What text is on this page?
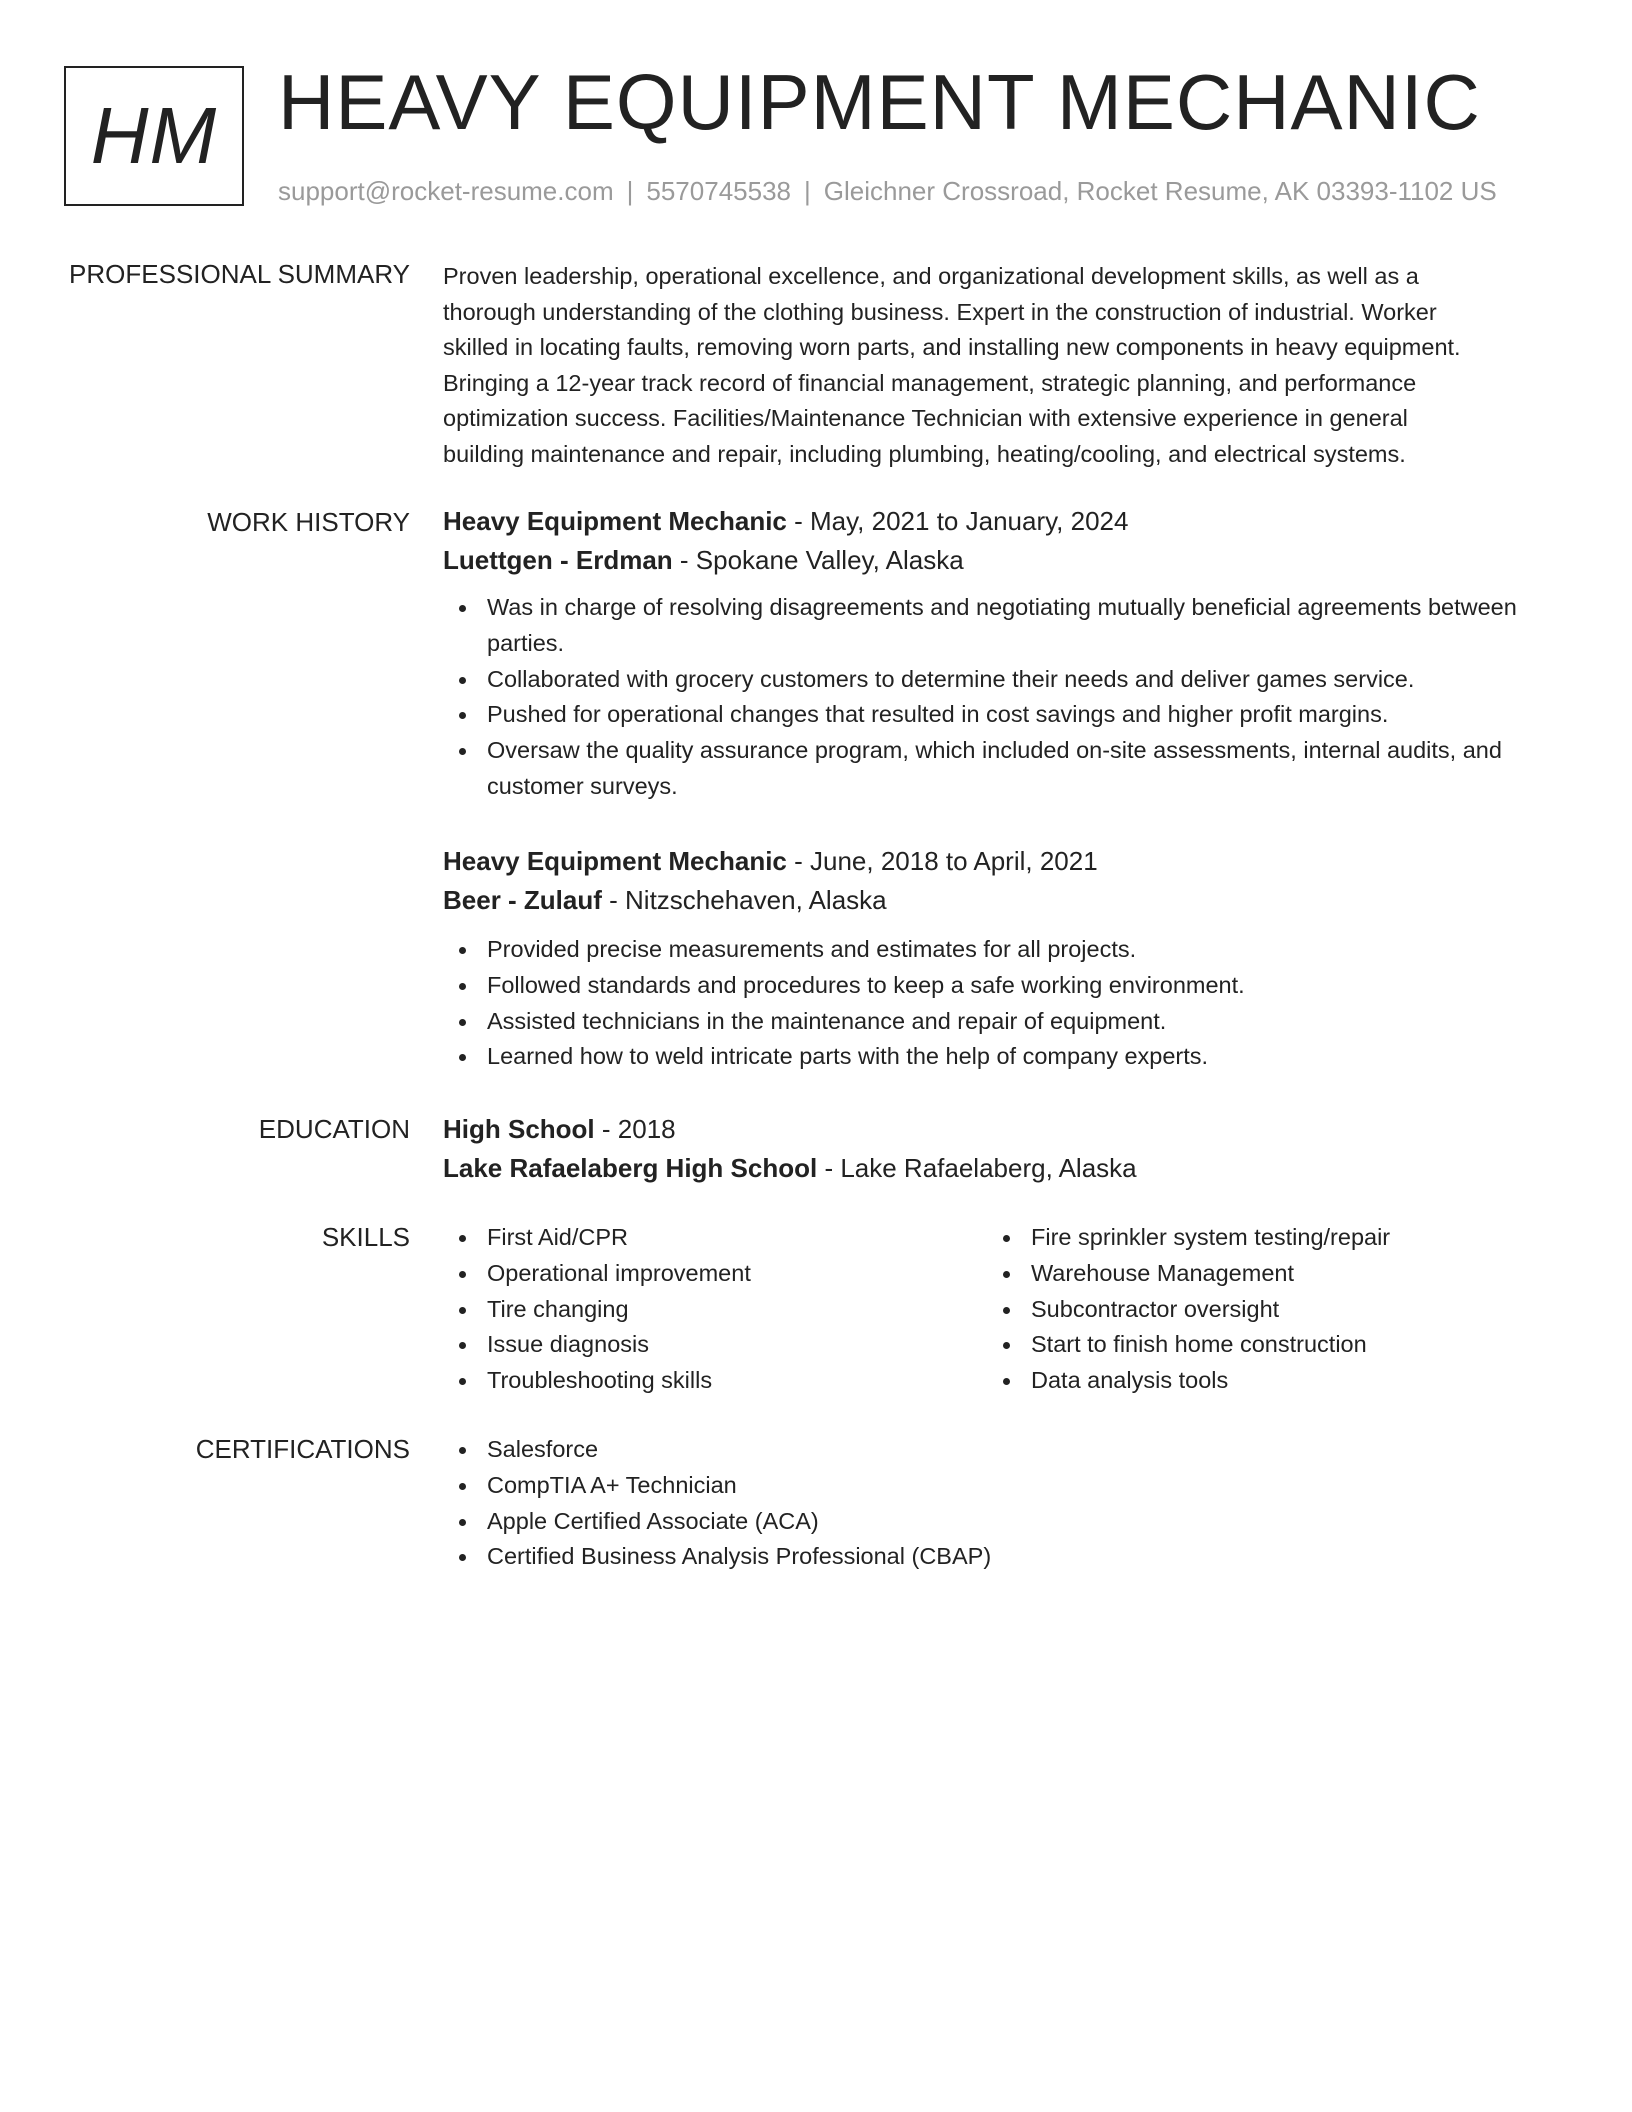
HM HEAVY EQUIPMENT MECHANIC
support@rocket-resume.com | 5570745538 | Gleichner Crossroad, Rocket Resume, AK 03393-1102 US
PROFESSIONAL SUMMARY Proven leadership, operational excellence, and organizational development skills, as well as a

thorough understanding of the clothing business. Expert in the construction of industrial. Worker

skilled in locating faults, removing worn parts, and installing new components in heavy equipment.

Bringing a 12-year track record of financial management, strategic planning, and performance

optimization success. Facilities/Maintenance Technician with extensive experience in general

building maintenance and repair, including plumbing, heating/cooling, and electrical systems.

WORK HISTORY Heavy Equipment Mechanic - May, 2021 to January, 2024
Luettgen - Erdman - Spokane Valley, Alaska
Was in charge of resolving disagreements and negotiating mutually beneficial agreements between parties.
Collaborated with grocery customers to determine their needs and deliver games service.
Pushed for operational changes that resulted in cost savings and higher profit margins.
Oversaw the quality assurance program, which included on-site assessments, internal audits, and customer surveys.
Heavy Equipment Mechanic - June, 2018 to April, 2021
Beer - Zulauf - Nitzschehaven, Alaska
Provided precise measurements and estimates for all projects.
Followed standards and procedures to keep a safe working environment.
Assisted technicians in the maintenance and repair of equipment.
Learned how to weld intricate parts with the help of company experts.
EDUCATION High School - 2018
Lake Rafaelaberg High School - Lake Rafaelaberg, Alaska
SKILLS	First Aid/CPR
Operational improvement
Tire changing
Issue diagnosis
Troubleshooting skills
Fire sprinkler system testing/repair
Warehouse Management
Subcontractor oversight
Start to finish home construction
Data analysis tools
CERTIFICATIONS	Salesforce
CompTIA A+ Technician
Apple Certified Associate (ACA)
Certified Business Analysis Professional (CBAP)
